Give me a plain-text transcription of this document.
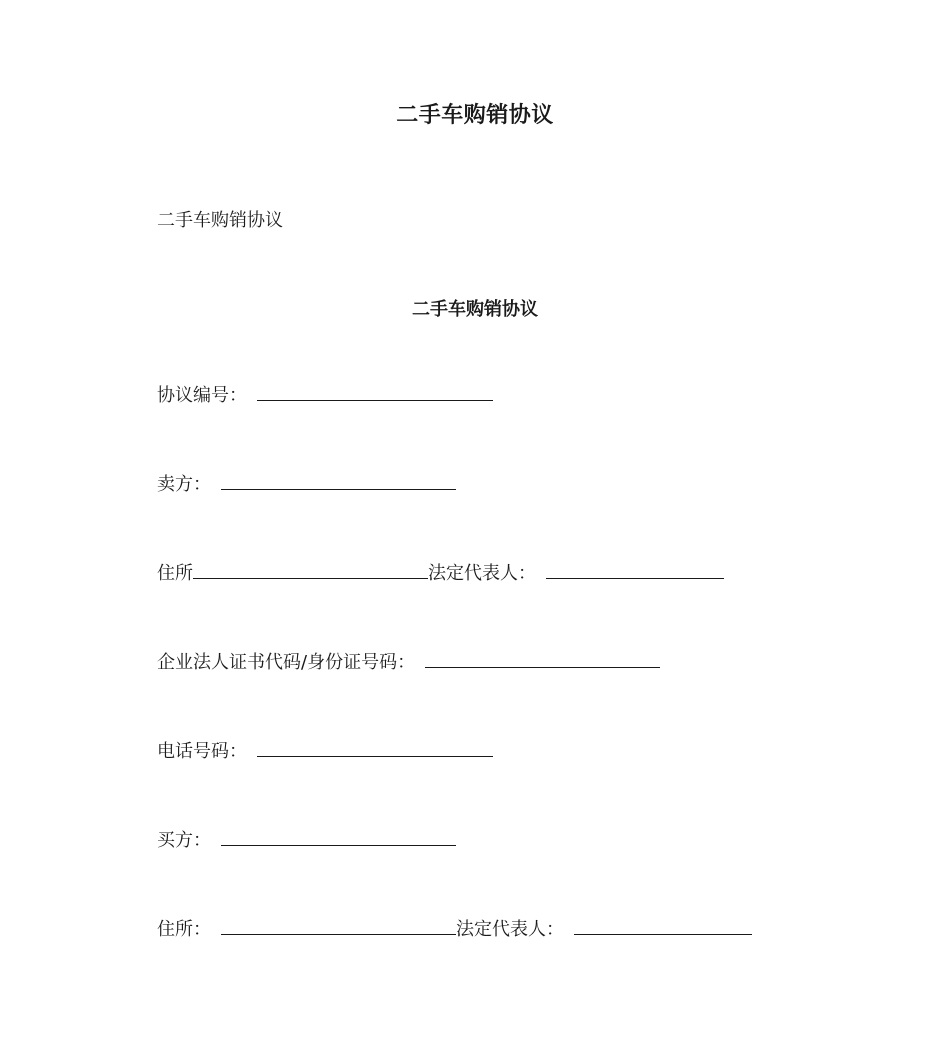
二手车购销协议

二手车购销协议

二手车购销协议
协议编号：
卖方：
住所	法定代表人：
企业法人证书代码/身份证号码：
电话号码：
买方：
住所：	法定代表人：
